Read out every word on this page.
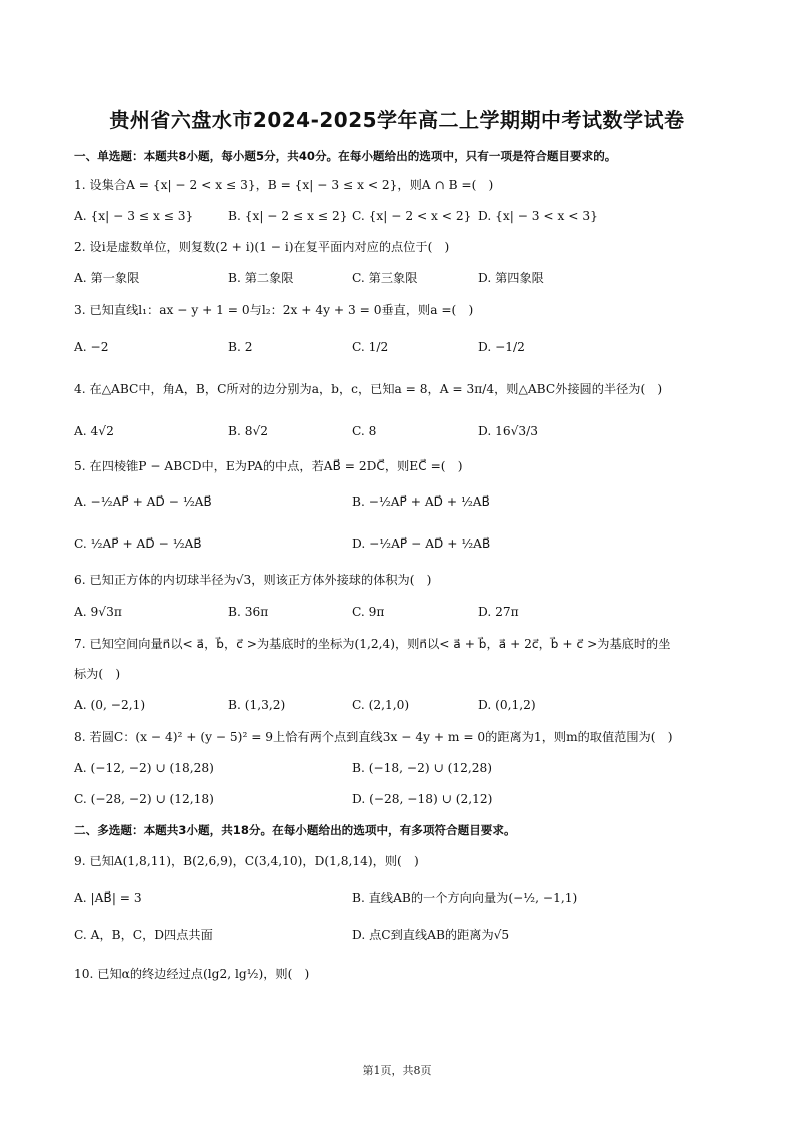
贵州省六盘水市2024-2025学年高二上学期期中考试数学试卷
一、单选题：本题共8小题，每小题5分，共40分。在每小题给出的选项中，只有一项是符合题目要求的。
1. 设集合A = {x| − 2 < x ≤ 3}，B = {x| − 3 ≤ x < 2}，则A ∩ B =(　)
A. {x| − 3 ≤ x ≤ 3}	B. {x| − 2 ≤ x ≤ 2} C. {x| − 2 < x < 2} D. {x| − 3 < x < 3}
2. 设i是虚数单位，则复数(2 + i)(1 − i)在复平面内对应的点位于(　)
A. 第一象限	B. 第二象限	C. 第三象限	D. 第四象限
3. 已知直线l₁：ax − y + 1 = 0与l₂：2x + 4y + 3 = 0垂直，则a =(　)
A. −2	B. 2	C. 1/2	D. −1/2
4. 在△ABC中，角A，B，C所对的边分别为a，b，c，已知a = 8，A = 3π/4，则△ABC外接圆的半径为(　)
A. 4√2	B. 8√2	C. 8	D. 16√3/3
5. 在四棱锥P − ABCD中，E为PA的中点，若AB⃗ = 2DC⃗，则EC⃗ =(　)
A. −½AP⃗ + AD⃗ − ½AB⃗	B. −½AP⃗ + AD⃗ + ½AB⃗
C. ½AP⃗ + AD⃗ − ½AB⃗	D. −½AP⃗ − AD⃗ + ½AB⃗
6. 已知正方体的内切球半径为√3，则该正方体外接球的体积为(　)
A. 9√3π	B. 36π	C. 9π	D. 27π
7. 已知空间向量n⃗以< a⃗，b⃗，c⃗ >为基底时的坐标为(1,2,4)，则n⃗以< a⃗ + b⃗，a⃗ + 2c⃗，b⃗ + c⃗ >为基底时的坐
标为(　)
A. (0, −2,1)	B. (1,3,2)	C. (2,1,0)	D. (0,1,2)
8. 若圆C：(x − 4)² + (y − 5)² = 9上恰有两个点到直线3x − 4y + m = 0的距离为1，则m的取值范围为(　)
A. (−12, −2) ∪ (18,28)	B. (−18, −2) ∪ (12,28)
C. (−28, −2) ∪ (12,18)	D. (−28, −18) ∪ (2,12)
二、多选题：本题共3小题，共18分。在每小题给出的选项中，有多项符合题目要求。
9. 已知A(1,8,11)，B(2,6,9)，C(3,4,10)，D(1,8,14)，则(　)
A. |AB⃗| = 3	B. 直线AB的一个方向向量为(−½, −1,1)
C. A，B，C，D四点共面	D. 点C到直线AB的距离为√5
10. 已知α的终边经过点(lg2, lg½)，则(　)
第1页，共8页
